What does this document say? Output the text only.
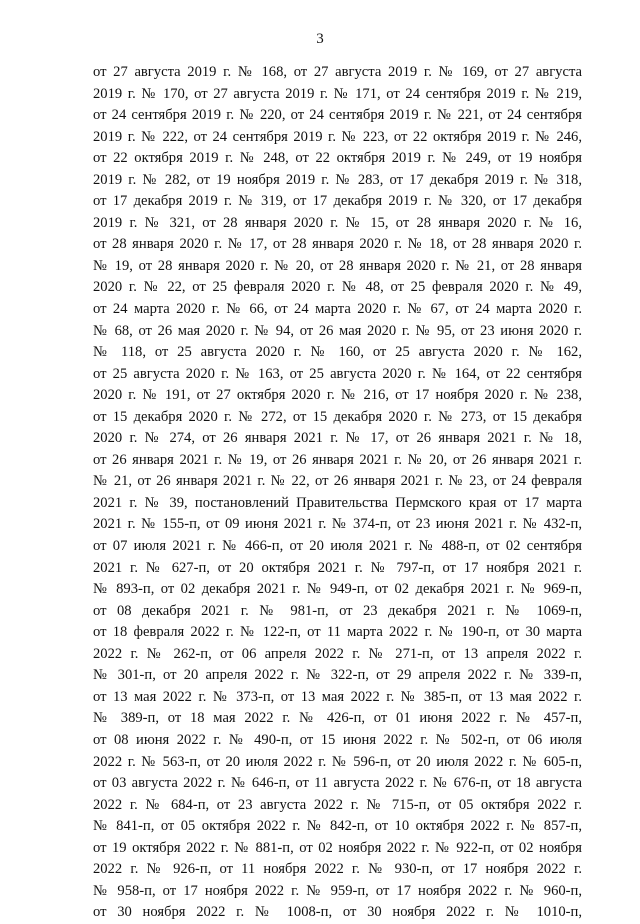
3
от 27 августа 2019 г. № 168, от 27 августа 2019 г. № 169, от 27 августа
2019 г. № 170, от 27 августа 2019 г. № 171, от 24 сентября 2019 г. № 219,
от 24 сентября 2019 г. № 220, от 24 сентября 2019 г. № 221, от 24 сентября
2019 г. № 222, от 24 сентября 2019 г. № 223, от 22 октября 2019 г. № 246,
от 22 октября 2019 г. № 248, от 22 октября 2019 г. № 249, от 19 ноября
2019 г. № 282, от 19 ноября 2019 г. № 283, от 17 декабря 2019 г. № 318,
от 17 декабря 2019 г. № 319, от 17 декабря 2019 г. № 320, от 17 декабря
2019 г. № 321, от 28 января 2020 г. № 15, от 28 января 2020 г. № 16,
от 28 января 2020 г. № 17, от 28 января 2020 г. № 18, от 28 января 2020 г.
№ 19, от 28 января 2020 г. № 20, от 28 января 2020 г. № 21, от 28 января
2020 г. № 22, от 25 февраля 2020 г. № 48, от 25 февраля 2020 г. № 49,
от 24 марта 2020 г. № 66, от 24 марта 2020 г. № 67, от 24 марта 2020 г.
№ 68, от 26 мая 2020 г. № 94, от 26 мая 2020 г. № 95, от 23 июня 2020 г.
№ 118, от 25 августа 2020 г. № 160, от 25 августа 2020 г. № 162,
от 25 августа 2020 г. № 163, от 25 августа 2020 г. № 164, от 22 сентября
2020 г. № 191, от 27 октября 2020 г. № 216, от 17 ноября 2020 г. № 238,
от 15 декабря 2020 г. № 272, от 15 декабря 2020 г. № 273, от 15 декабря
2020 г. № 274, от 26 января 2021 г. № 17, от 26 января 2021 г. № 18,
от 26 января 2021 г. № 19, от 26 января 2021 г. № 20, от 26 января 2021 г.
№ 21, от 26 января 2021 г. № 22, от 26 января 2021 г. № 23, от 24 февраля
2021 г. № 39, постановлений Правительства Пермского края от 17 марта
2021 г. № 155-п, от 09 июня 2021 г. № 374-п, от 23 июня 2021 г. № 432-п,
от 07 июля 2021 г. № 466-п, от 20 июля 2021 г. № 488-п, от 02 сентября
2021 г. № 627-п, от 20 октября 2021 г. № 797-п, от 17 ноября 2021 г.
№ 893-п, от 02 декабря 2021 г. № 949-п, от 02 декабря 2021 г. № 969-п,
от 08 декабря 2021 г. № 981-п, от 23 декабря 2021 г. № 1069-п,
от 18 февраля 2022 г. № 122-п, от 11 марта 2022 г. № 190-п, от 30 марта
2022 г. № 262-п, от 06 апреля 2022 г. № 271-п, от 13 апреля 2022 г.
№ 301-п, от 20 апреля 2022 г. № 322-п, от 29 апреля 2022 г. № 339-п,
от 13 мая 2022 г. № 373-п, от 13 мая 2022 г. № 385-п, от 13 мая 2022 г.
№ 389-п, от 18 мая 2022 г. № 426-п, от 01 июня 2022 г. № 457-п,
от 08 июня 2022 г. № 490-п, от 15 июня 2022 г. № 502-п, от 06 июля
2022 г. № 563-п, от 20 июля 2022 г. № 596-п, от 20 июля 2022 г. № 605-п,
от 03 августа 2022 г. № 646-п, от 11 августа 2022 г. № 676-п, от 18 августа
2022 г. № 684-п, от 23 августа 2022 г. № 715-п, от 05 октября 2022 г.
№ 841-п, от 05 октября 2022 г. № 842-п, от 10 октября 2022 г. № 857-п,
от 19 октября 2022 г. № 881-п, от 02 ноября 2022 г. № 922-п, от 02 ноября
2022 г. № 926-п, от 11 ноября 2022 г. № 930-п, от 17 ноября 2022 г.
№ 958-п, от 17 ноября 2022 г. № 959-п, от 17 ноября 2022 г. № 960-п,
от 30 ноября 2022 г. № 1008-п, от 30 ноября 2022 г. № 1010-п,
